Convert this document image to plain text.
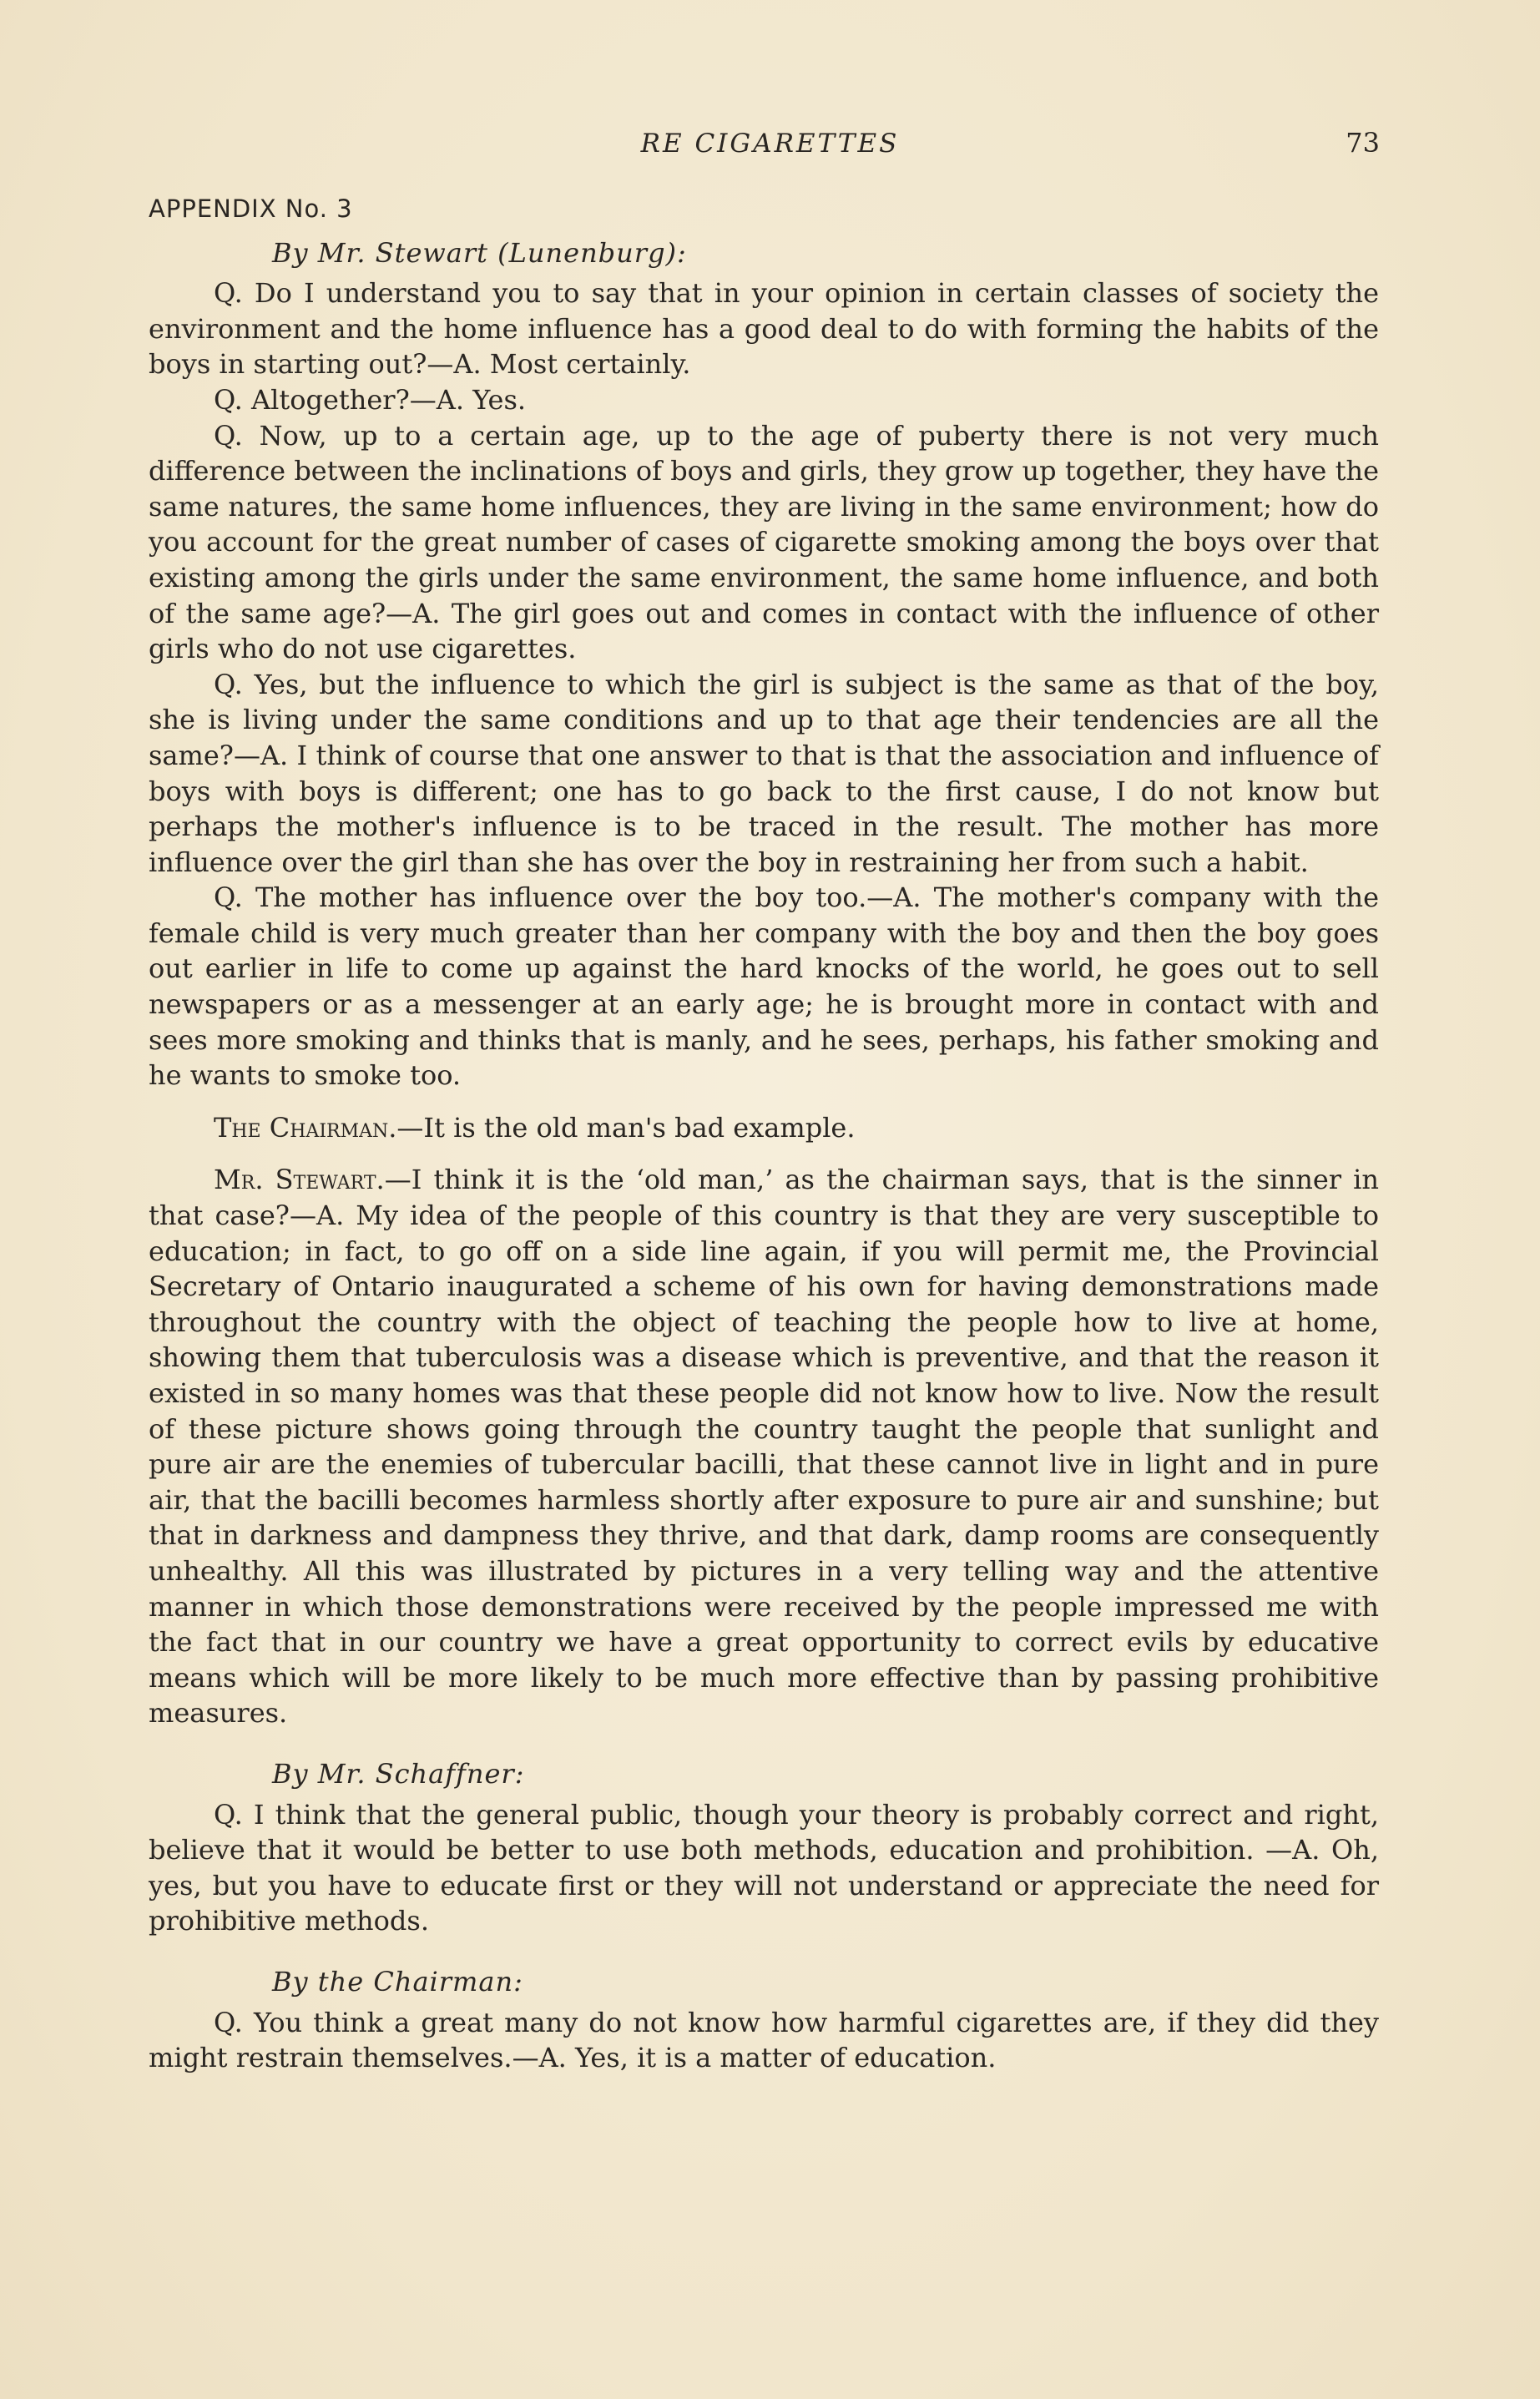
RE CIGARETTES	73
APPENDIX No. 3
By Mr. Stewart (Lunenburg):

Q. Do I understand you to say that in your opinion in certain classes of society the environment and the home influence has a good deal to do with forming the habits of the boys in starting out?—A. Most certainly.

Q. Altogether?—A. Yes.

Q. Now, up to a certain age, up to the age of puberty there is not very much difference between the inclinations of boys and girls, they grow up together, they have the same natures, the same home influences, they are living in the same environment; how do you account for the great number of cases of cigarette smoking among the boys over that existing among the girls under the same environment, the same home influence, and both of the same age?—A. The girl goes out and comes in contact with the influence of other girls who do not use cigarettes.

Q. Yes, but the influence to which the girl is subject is the same as that of the boy, she is living under the same conditions and up to that age their tendencies are all the same?—A. I think of course that one answer to that is that the association and influence of boys with boys is different; one has to go back to the first cause, I do not know but perhaps the mother's influence is to be traced in the result. The mother has more influence over the girl than she has over the boy in restraining her from such a habit.

Q. The mother has influence over the boy too.—A. The mother's company with the female child is very much greater than her company with the boy and then the boy goes out earlier in life to come up against the hard knocks of the world, he goes out to sell newspapers or as a messenger at an early age; he is brought more in contact with and sees more smoking and thinks that is manly, and he sees, perhaps, his father smoking and he wants to smoke too.

The Chairman.—It is the old man's bad example.

Mr. Stewart.—I think it is the ‘old man,’ as the chairman says, that is the sinner in that case?—A. My idea of the people of this country is that they are very susceptible to education; in fact, to go off on a side line again, if you will permit me, the Provincial Secretary of Ontario inaugurated a scheme of his own for having demonstrations made throughout the country with the object of teaching the people how to live at home, showing them that tuberculosis was a disease which is preventive, and that the reason it existed in so many homes was that these people did not know how to live. Now the result of these picture shows going through the country taught the people that sunlight and pure air are the enemies of tubercular bacilli, that these cannot live in light and in pure air, that the bacilli becomes harmless shortly after exposure to pure air and sunshine; but that in darkness and dampness they thrive, and that dark, damp rooms are consequently unhealthy. All this was illustrated by pictures in a very telling way and the attentive manner in which those demonstrations were received by the people impressed me with the fact that in our country we have a great opportunity to correct evils by educative means which will be more likely to be much more effective than by passing prohibitive measures.

By Mr. Schaffner:

Q. I think that the general public, though your theory is probably correct and right, believe that it would be better to use both methods, education and prohibition. —A. Oh, yes, but you have to educate first or they will not understand or appreciate the need for prohibitive methods.

By the Chairman:

Q. You think a great many do not know how harmful cigarettes are, if they did they might restrain themselves.—A. Yes, it is a matter of education.
